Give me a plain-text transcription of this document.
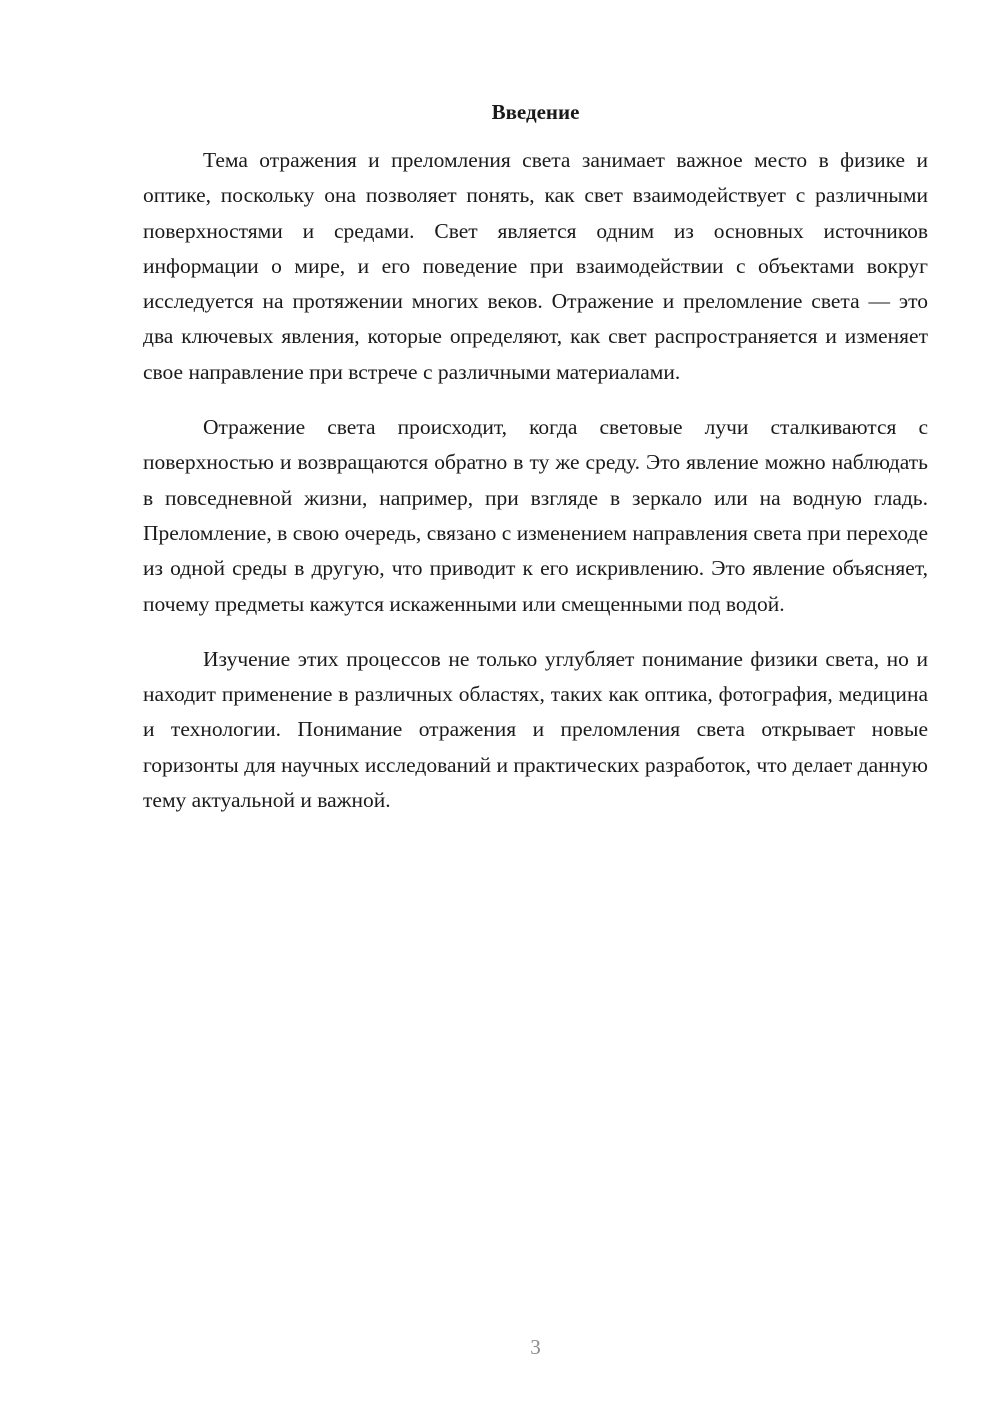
Введение

Тема отражения и преломления света занимает важное место в физике и оптике, поскольку она позволяет понять, как свет взаимодействует с различными поверхностями и средами. Свет является одним из основных источников информации о мире, и его поведение при взаимодействии с объектами вокруг исследуется на протяжении многих веков. Отражение и преломление света — это два ключевых явления, которые определяют, как свет распространяется и изменяет свое направление при встрече с различными материалами.

Отражение света происходит, когда световые лучи сталкиваются с поверхностью и возвращаются обратно в ту же среду. Это явление можно наблюдать в повседневной жизни, например, при взгляде в зеркало или на водную гладь. Преломление, в свою очередь, связано с изменением направления света при переходе из одной среды в другую, что приводит к его искривлению. Это явление объясняет, почему предметы кажутся искаженными или смещенными под водой.

Изучение этих процессов не только углубляет понимание физики света, но и находит применение в различных областях, таких как оптика, фотография, медицина и технологии. Понимание отражения и преломления света открывает новые горизонты для научных исследований и практических разработок, что делает данную тему актуальной и важной.

3
